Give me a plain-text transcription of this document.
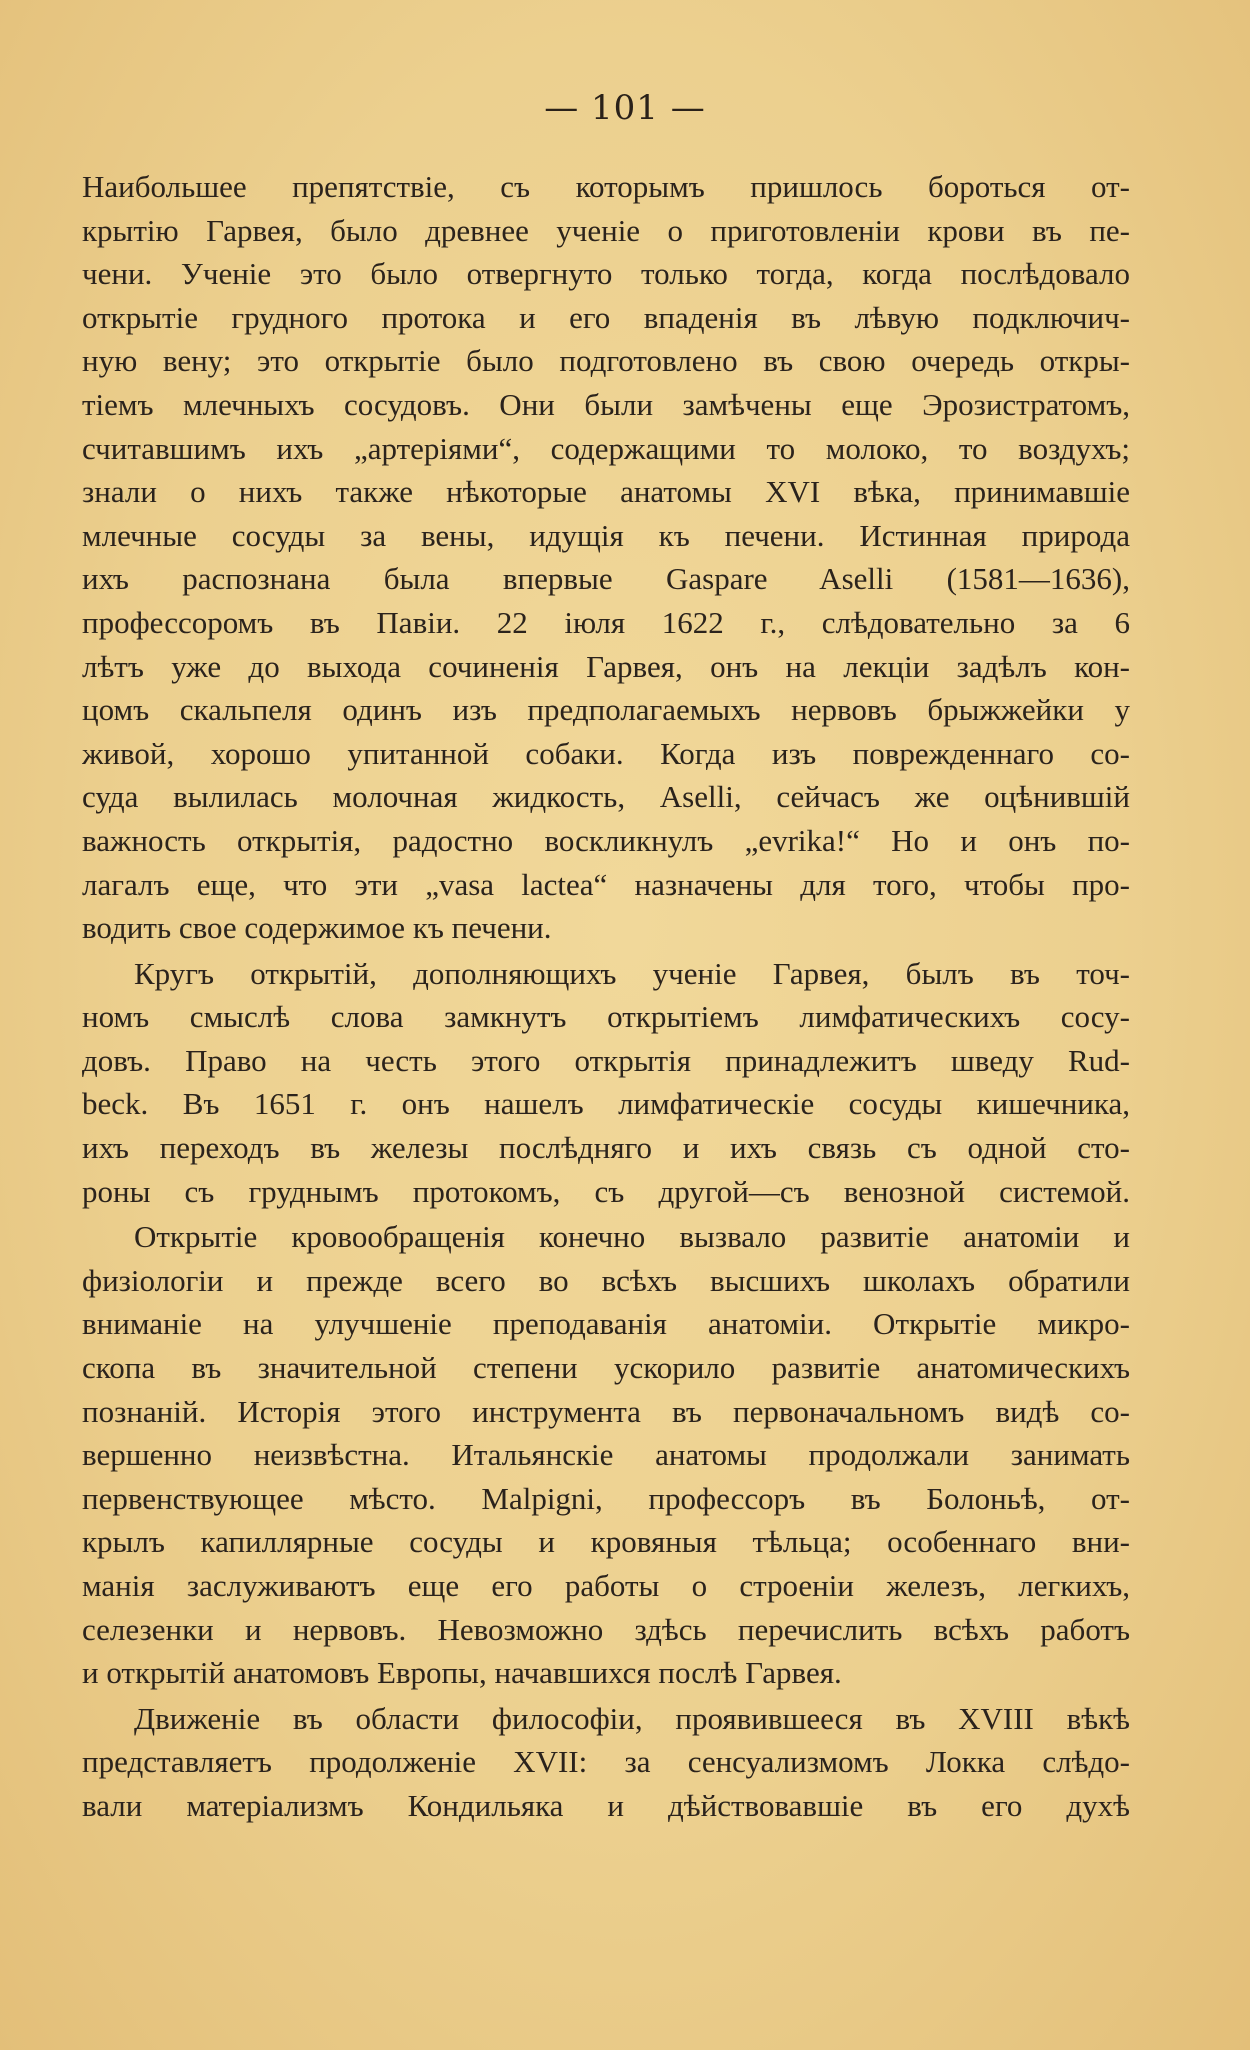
— 101 —
Наибольшее препятствіе, съ которымъ пришлось бороться от-
крытію Гарвея, было древнее ученіе о приготовленіи крови въ пе-
чени. Ученіе это было отвергнуто только тогда, когда послѣдовало
открытіе грудного протока и его впаденія въ лѣвую подключич-
ную вену; это открытіе было подготовлено въ свою очередь откры-
тіемъ млечныхъ сосудовъ. Они были замѣчены еще Эрозистратомъ,
считавшимъ ихъ „артеріями“, содержащими то молоко, то воздухъ;
знали о нихъ также нѣкоторые анатомы XVI вѣка, принимавшіе
млечные сосуды за вены, идущія къ печени. Истинная природа
ихъ распознана была впервые Gaspare Aselli (1581—1636),
профессоромъ въ Павіи. 22 іюля 1622 г., слѣдовательно за 6
лѣтъ уже до выхода сочиненія Гарвея, онъ на лекціи задѣлъ кон-
цомъ скальпеля одинъ изъ предполагаемыхъ нервовъ брыжжейки у
живой, хорошо упитанной собаки. Когда изъ поврежденнаго со-
суда вылилась молочная жидкость, Aselli, сейчасъ же оцѣнившій
важность открытія, радостно воскликнулъ „evrika!“ Но и онъ по-
лагалъ еще, что эти „vasa lactea“ назначены для того, чтобы про-
водить свое содержимое къ печени.
Кругъ открытій, дополняющихъ ученіе Гарвея, былъ въ точ-
номъ смыслѣ слова замкнутъ открытіемъ лимфатическихъ сосу-
довъ. Право на честь этого открытія принадлежитъ шведу Rud-
beck. Въ 1651 г. онъ нашелъ лимфатическіе сосуды кишечника,
ихъ переходъ въ железы послѣдняго и ихъ связь съ одной сто-
роны съ груднымъ протокомъ, съ другой—съ венозной системой.
Открытіе кровообращенія конечно вызвало развитіе анатоміи и
физіологіи и прежде всего во всѣхъ высшихъ школахъ обратили
вниманіе на улучшеніе преподаванія анатоміи. Открытіе микро-
скопа въ значительной степени ускорило развитіе анатомическихъ
познаній. Исторія этого инструмента въ первоначальномъ видѣ со-
вершенно неизвѣстна. Итальянскіе анатомы продолжали занимать
первенствующее мѣсто. Malpigni, профессоръ въ Болоньѣ, от-
крылъ капиллярные сосуды и кровяныя тѣльца; особеннаго вни-
манія заслуживаютъ еще его работы о строеніи железъ, легкихъ,
селезенки и нервовъ. Невозможно здѣсь перечислить всѣхъ работъ
и открытій анатомовъ Европы, начавшихся послѣ Гарвея.
Движеніе въ области философіи, проявившееся въ XVIII вѣкѣ
представляетъ продолженіе XVII: за сенсуализмомъ Локка слѣдо-
вали матеріализмъ Кондильяка и дѣйствовавшіе въ его духѣ
